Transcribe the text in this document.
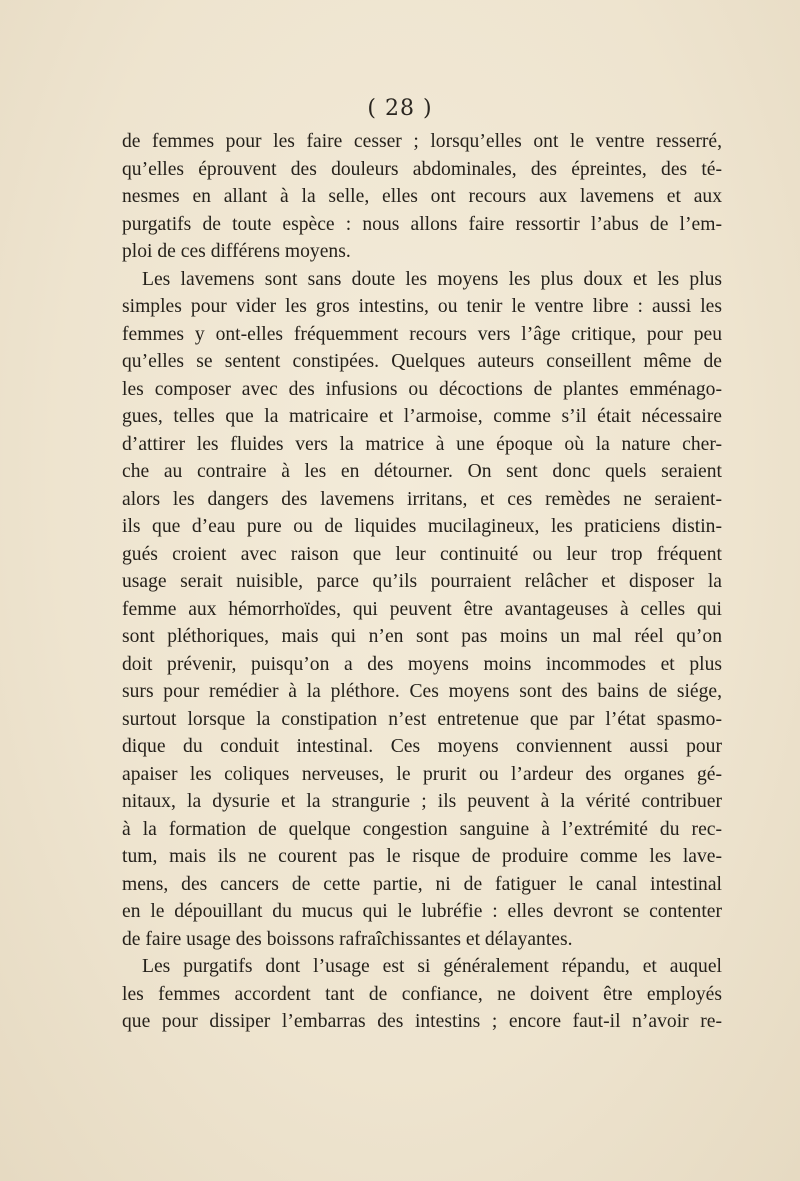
( 28 )
de femmes pour les faire cesser ; lorsqu’elles ont le ventre resserré,
qu’elles éprouvent des douleurs abdominales, des épreintes, des té-
nesmes en allant à la selle, elles ont recours aux lavemens et aux
purgatifs de toute espèce : nous allons faire ressortir l’abus de l’em-
ploi de ces différens moyens.
Les lavemens sont sans doute les moyens les plus doux et les plus
simples pour vider les gros intestins, ou tenir le ventre libre : aussi les
femmes y ont-elles fréquemment recours vers l’âge critique, pour peu
qu’elles se sentent constipées. Quelques auteurs conseillent même de
les composer avec des infusions ou décoctions de plantes emménago-
gues, telles que la matricaire et l’armoise, comme s’il était nécessaire
d’attirer les fluides vers la matrice à une époque où la nature cher-
che au contraire à les en détourner. On sent donc quels seraient
alors les dangers des lavemens irritans, et ces remèdes ne seraient-
ils que d’eau pure ou de liquides mucilagineux, les praticiens distin-
gués croient avec raison que leur continuité ou leur trop fréquent
usage serait nuisible, parce qu’ils pourraient relâcher et disposer la
femme aux hémorrhoïdes, qui peuvent être avantageuses à celles qui
sont pléthoriques, mais qui n’en sont pas moins un mal réel qu’on
doit prévenir, puisqu’on a des moyens moins incommodes et plus
surs pour remédier à la pléthore. Ces moyens sont des bains de siége,
surtout lorsque la constipation n’est entretenue que par l’état spasmo-
dique du conduit intestinal. Ces moyens conviennent aussi pour
apaiser les coliques nerveuses, le prurit ou l’ardeur des organes gé-
nitaux, la dysurie et la strangurie ; ils peuvent à la vérité contribuer
à la formation de quelque congestion sanguine à l’extrémité du rec-
tum, mais ils ne courent pas le risque de produire comme les lave-
mens, des cancers de cette partie, ni de fatiguer le canal intestinal
en le dépouillant du mucus qui le lubréfie : elles devront se contenter
de faire usage des boissons rafraîchissantes et délayantes.
Les purgatifs dont l’usage est si généralement répandu, et auquel
les femmes accordent tant de confiance, ne doivent être employés
que pour dissiper l’embarras des intestins ; encore faut-il n’avoir re-
